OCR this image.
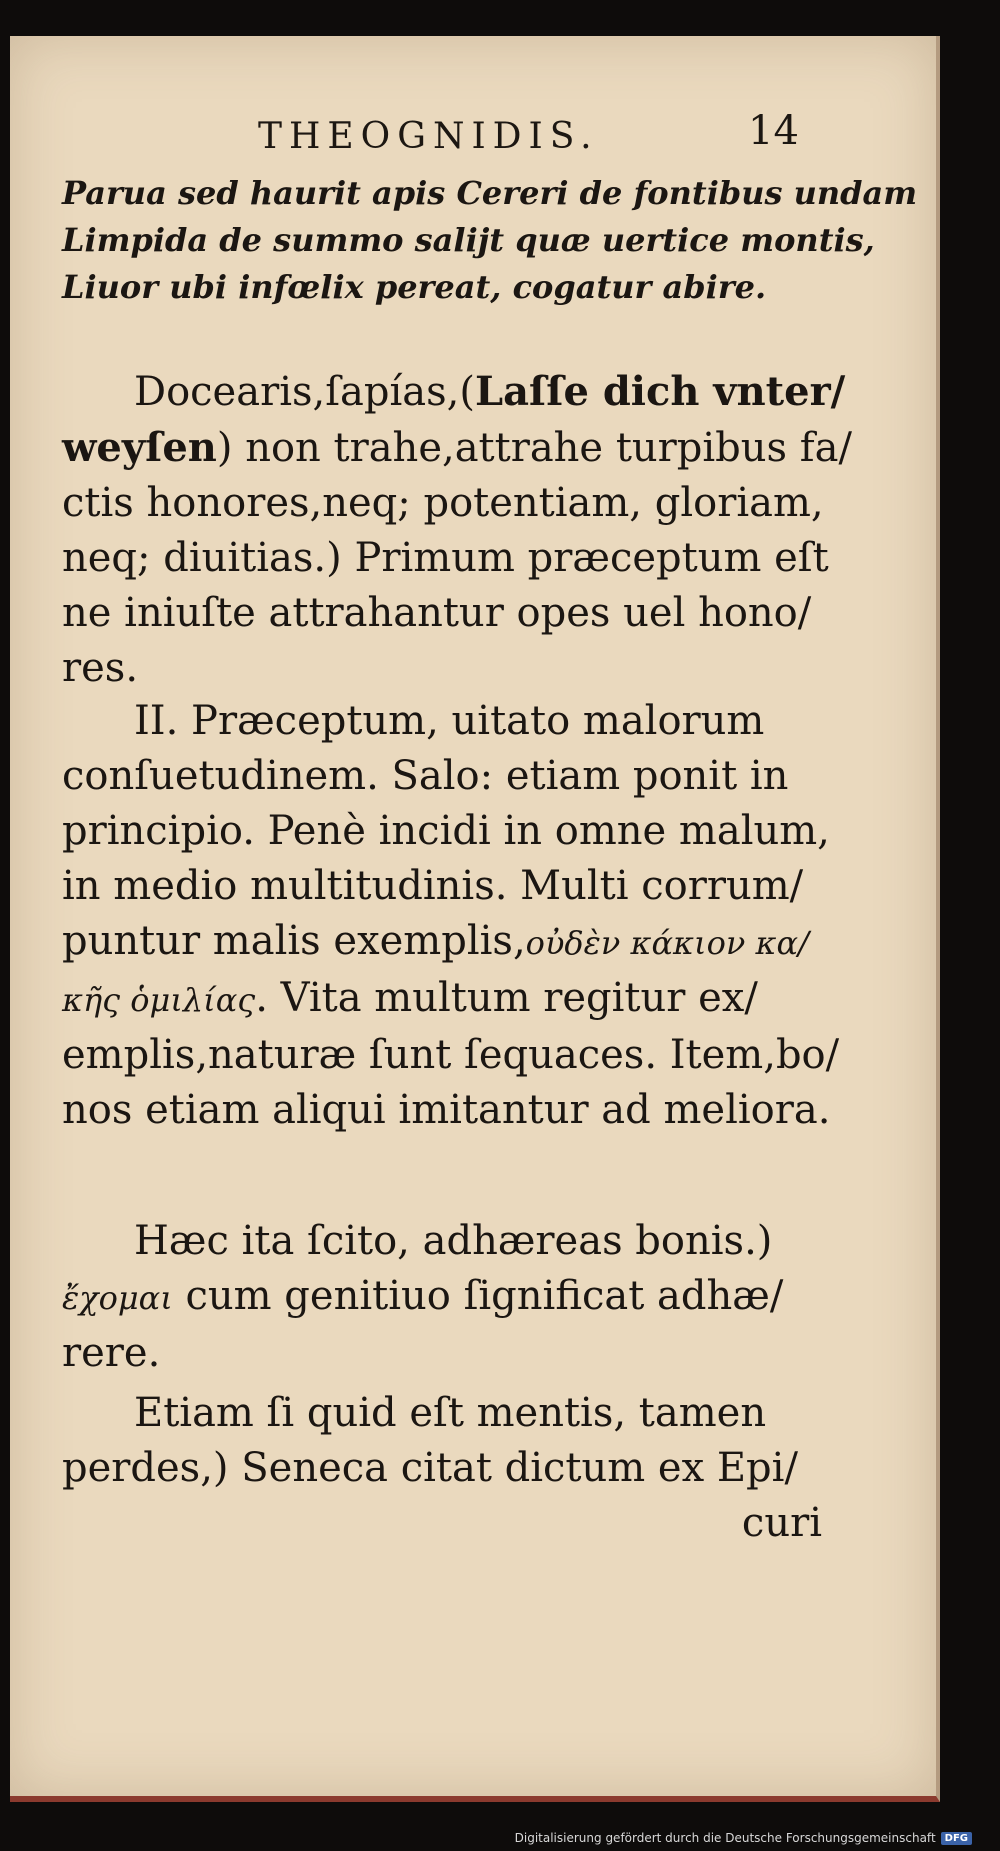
THEOGNIDIS.	14
Parua sed haurit apis Cereri de fontibus undam
Limpida de summo salijt quæ uertice montis,
Liuor ubi infœlix pereat, cogatur abire.
Docearis,ſapías,(Laſſe dich vnter/
weyſen) non trahe,attrahe turpibus fa/
ctis honores,neq; potentiam, gloriam,
neq; diuitias.) Primum præceptum eſt
ne iniuſte attrahantur opes uel hono/
res.
II. Præceptum, uitato malorum
conſuetudinem. Salo: etiam ponit in
principio. Penè incidi in omne malum,
in medio multitudinis. Multi corrum/
puntur malis exemplis,οὐδὲν κάκιον κα/
κῆς ὁμιλίας. Vita multum regitur ex/
emplis,naturæ ſunt ſequaces. Item,bo/
nos etiam aliqui imitantur ad meliora.
Hæc ita ſcito, adhæreas bonis.)
ἔχομαι cum genitiuo ſignificat adhæ/
rere.
Etiam ſi quid eſt mentis, tamen
perdes,) Seneca citat dictum ex Epi/
curi
Digitalisierung gefördert durch die Deutsche Forschungsgemeinschaft DFG
